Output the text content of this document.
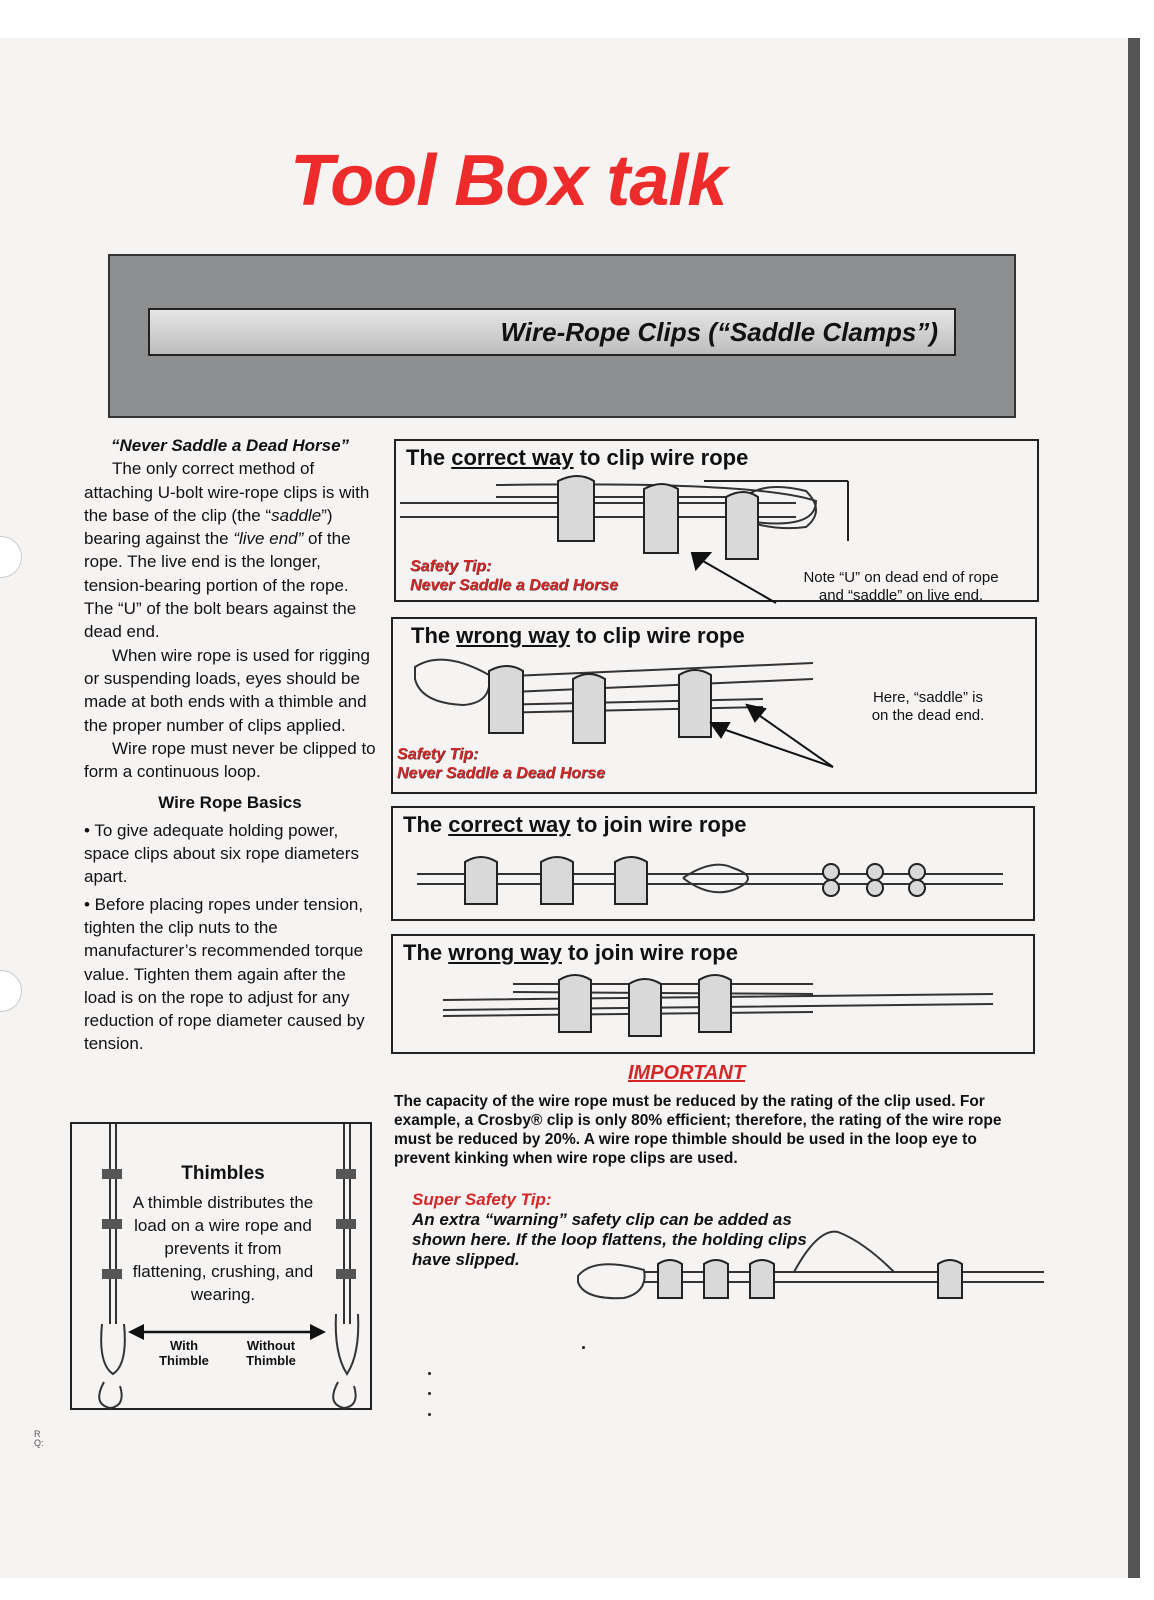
Tool Box talk
Wire-Rope Clips (“Saddle Clamps”)

“Never Saddle a Dead Horse”

The only correct method of attaching U-bolt wire-rope clips is with the base of the clip (the “saddle”) bearing against the “live end” of the rope. The live end is the longer, tension-bearing portion of the rope. The “U” of the bolt bears against the dead end.

When wire rope is used for rigging or suspending loads, eyes should be made at both ends with a thimble and the proper number of clips applied.

Wire rope must never be clipped to form a continuous loop.

Wire Rope Basics

• To give adequate holding power, space clips about six rope diameters apart.

• Before placing ropes under tension, tighten the clip nuts to the manufacturer’s recommended torque value. Tighten them again after the load is on the rope to adjust for any reduction of rope diameter caused by tension.

Thimbles
A thimble distributes the load on a wire rope and prevents it from flattening, crushing, and wearing.
With
Thimble
Without
Thimble
The correct way to clip wire rope
Safety Tip:
Never Saddle a Dead Horse	Note “U” on dead end of rope
and “saddle” on live end.
The wrong way to clip wire rope
Safety Tip:
Never Saddle a Dead Horse
Here, “saddle” is
on the dead end.
The correct way to join wire rope
The wrong way to join wire rope
IMPORTANT
The capacity of the wire rope must be reduced by the rating of the clip used. For example, a Crosby® clip is only 80% efficient; therefore, the rating of the wire rope must be reduced by 20%. A wire rope thimble should be used in the loop eye to prevent kinking when wire rope clips are used.
Super Safety Tip:
An extra “warning” safety clip can be added as shown here. If the loop flattens, the holding clips have slipped.
R
Q:
